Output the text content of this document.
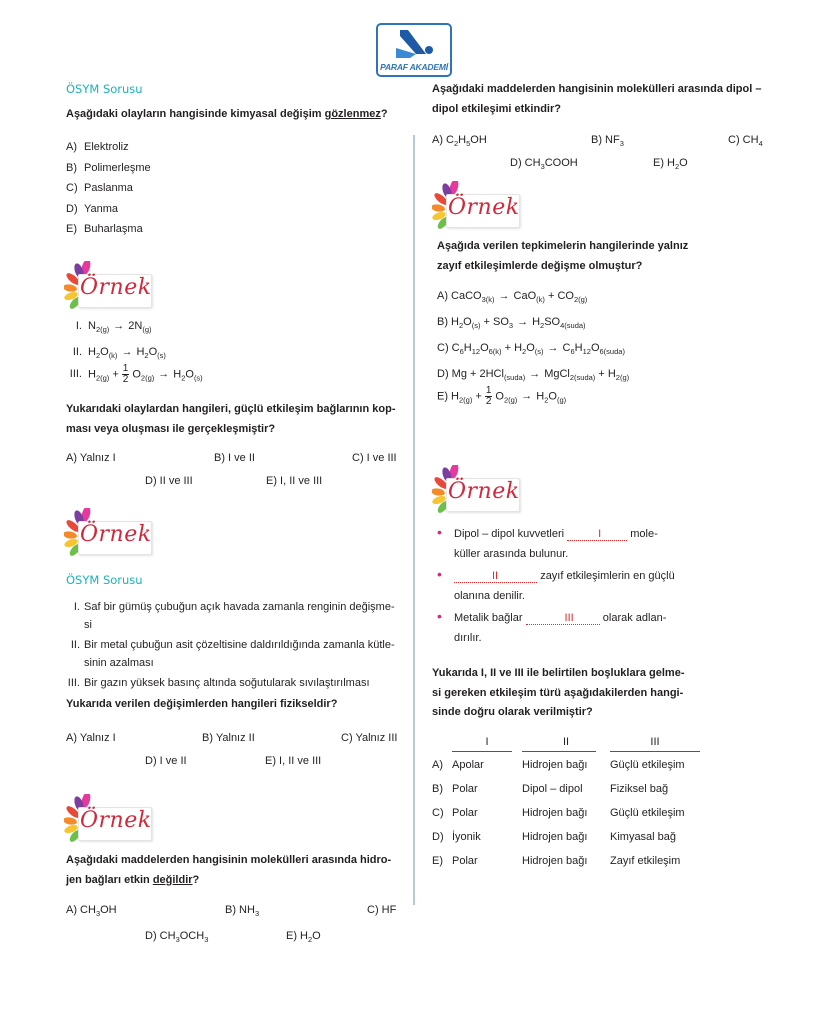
PARAF AKADEMİ
ÖSYM Sorusu
Aşağıdaki olayların hangisinde kimyasal değişim gözlenmez?
A) Elektroliz
B) Polimerleşme
C) Paslanma
D) Yanma
E) Buharlaşma
Örnek
I. $N_{2(g)} \to 2N_{(g)}$
II. $H_2O_{(k)} \to H_2O_{(s)}$
III. $H_{2(g)} + \frac{1}{2} O_{2(g)} \to H_2O_{(s)}$
Yukarıdaki olaylardan hangileri, güçlü etkileşim bağlarının kop-
ması veya oluşması ile gerçekleşmiştir?
A) Yalnız I	B) I ve II	C) I ve III
D) II ve III	E) I, II ve III
Örnek
ÖSYM Sorusu
I. Saf bir gümüş çubuğun açık havada zamanla renginin değişme-
si
II. Bir metal çubuğun asit çözeltisine daldırıldığında zamanla kütle-
sinin azalması
III. Bir gazın yüksek basınç altında soğutularak sıvılaştırılması
Yukarıda verilen değişimlerden hangileri fizikseldir?
A) Yalnız I	B) Yalnız II	C) Yalnız III
D) I ve II	E) I, II ve III
Örnek
Aşağıdaki maddelerden hangisinin molekülleri arasında hidro-
jen bağları etkin değildir?
A) $CH_3OH$	B) $NH_3$	C) HF
D) $CH_3OCH_3$	E) $H_2O$
Aşağıdaki maddelerden hangisinin molekülleri arasında dipol –
dipol etkileşimi etkindir?
A) $C_2H_5OH$	B) $NF_3$	C) $CH_4$
D) $CH_3COOH$	E) $H_2O$
Örnek
Aşağıda verilen tepkimelerin hangilerinde yalnız
zayıf etkileşimlerde değişme olmuştur?
A) CaCO$_{3(k)}$ → $CaO_{(k)} + CO_{2(g)}$
B) $H_2O_{(s)} + SO_3 \to H_2SO_{4(suda)}$
C) $C_6H_{12}O_{6(k)} + H_2O_{(s)} \to C_6H_{12}O_{6(suda)}$
D) Mg + 2HCl$_{(suda)}$ → MgCl$_{2(suda)}$ + $H_{2(g)}$
E) $H_{2(g)} + \frac{1}{2} O_{2(g)} \to H_2O_{(g)}$
Örnek
• Dipol – dipol kuvvetleri	I	mole-
küller arasında bulunur.
•	II	zayıf etkileşimlerin en güçlü
olanına denilir.
• Metalik bağlar	III	olarak adlan-
dırılır.
Yukarıda I, II ve III ile belirtilen boşluklara gelme-
si gereken etkileşim türü aşağıdakilerden hangi-
sinde doğru olarak verilmiştir?
	I	II	III

A)	Apolar	Hidrojen bağı	Güçlü etkileşim
B)	Polar	Dipol – dipol	Fiziksel bağ
C)	Polar	Hidrojen bağı	Güçlü etkileşim
D)	İyonik	Hidrojen bağı	Kimyasal bağ
E)	Polar	Hidrojen bağı	Zayıf etkileşim
